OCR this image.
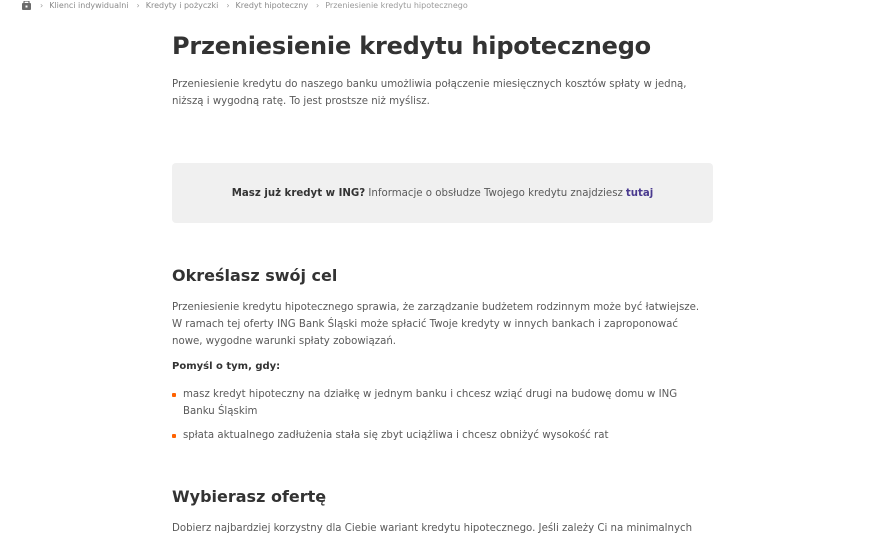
› Klienci indywidualni › Kredyty i pożyczki › Kredyt hipoteczny › Przeniesienie kredytu hipotecznego
Przeniesienie kredytu hipotecznego

Przeniesienie kredytu do naszego banku umożliwia połączenie miesięcznych kosztów spłaty w jedną, niższą i wygodną ratę. To jest prostsze niż myślisz.

Masz już kredyt w ING? Informacje o obsłudze Twojego kredytu znajdziesz tutaj
Określasz swój cel

Przeniesienie kredytu hipotecznego sprawia, że zarządzanie budżetem rodzinnym może być łatwiejsze. W ramach tej oferty ING Bank Śląski może spłacić Twoje kredyty w innych bankach i zaproponować nowe, wygodne warunki spłaty zobowiązań.

Pomyśl o tym, gdy:

masz kredyt hipoteczny na działkę w jednym banku i chcesz wziąć drugi na budowę domu w ING Banku Śląskim
spłata aktualnego zadłużenia stała się zbyt uciążliwa i chcesz obniżyć wysokość rat
Wybierasz ofertę

Dobierz najbardziej korzystny dla Ciebie wariant kredytu hipotecznego. Jeśli zależy Ci na minimalnych
